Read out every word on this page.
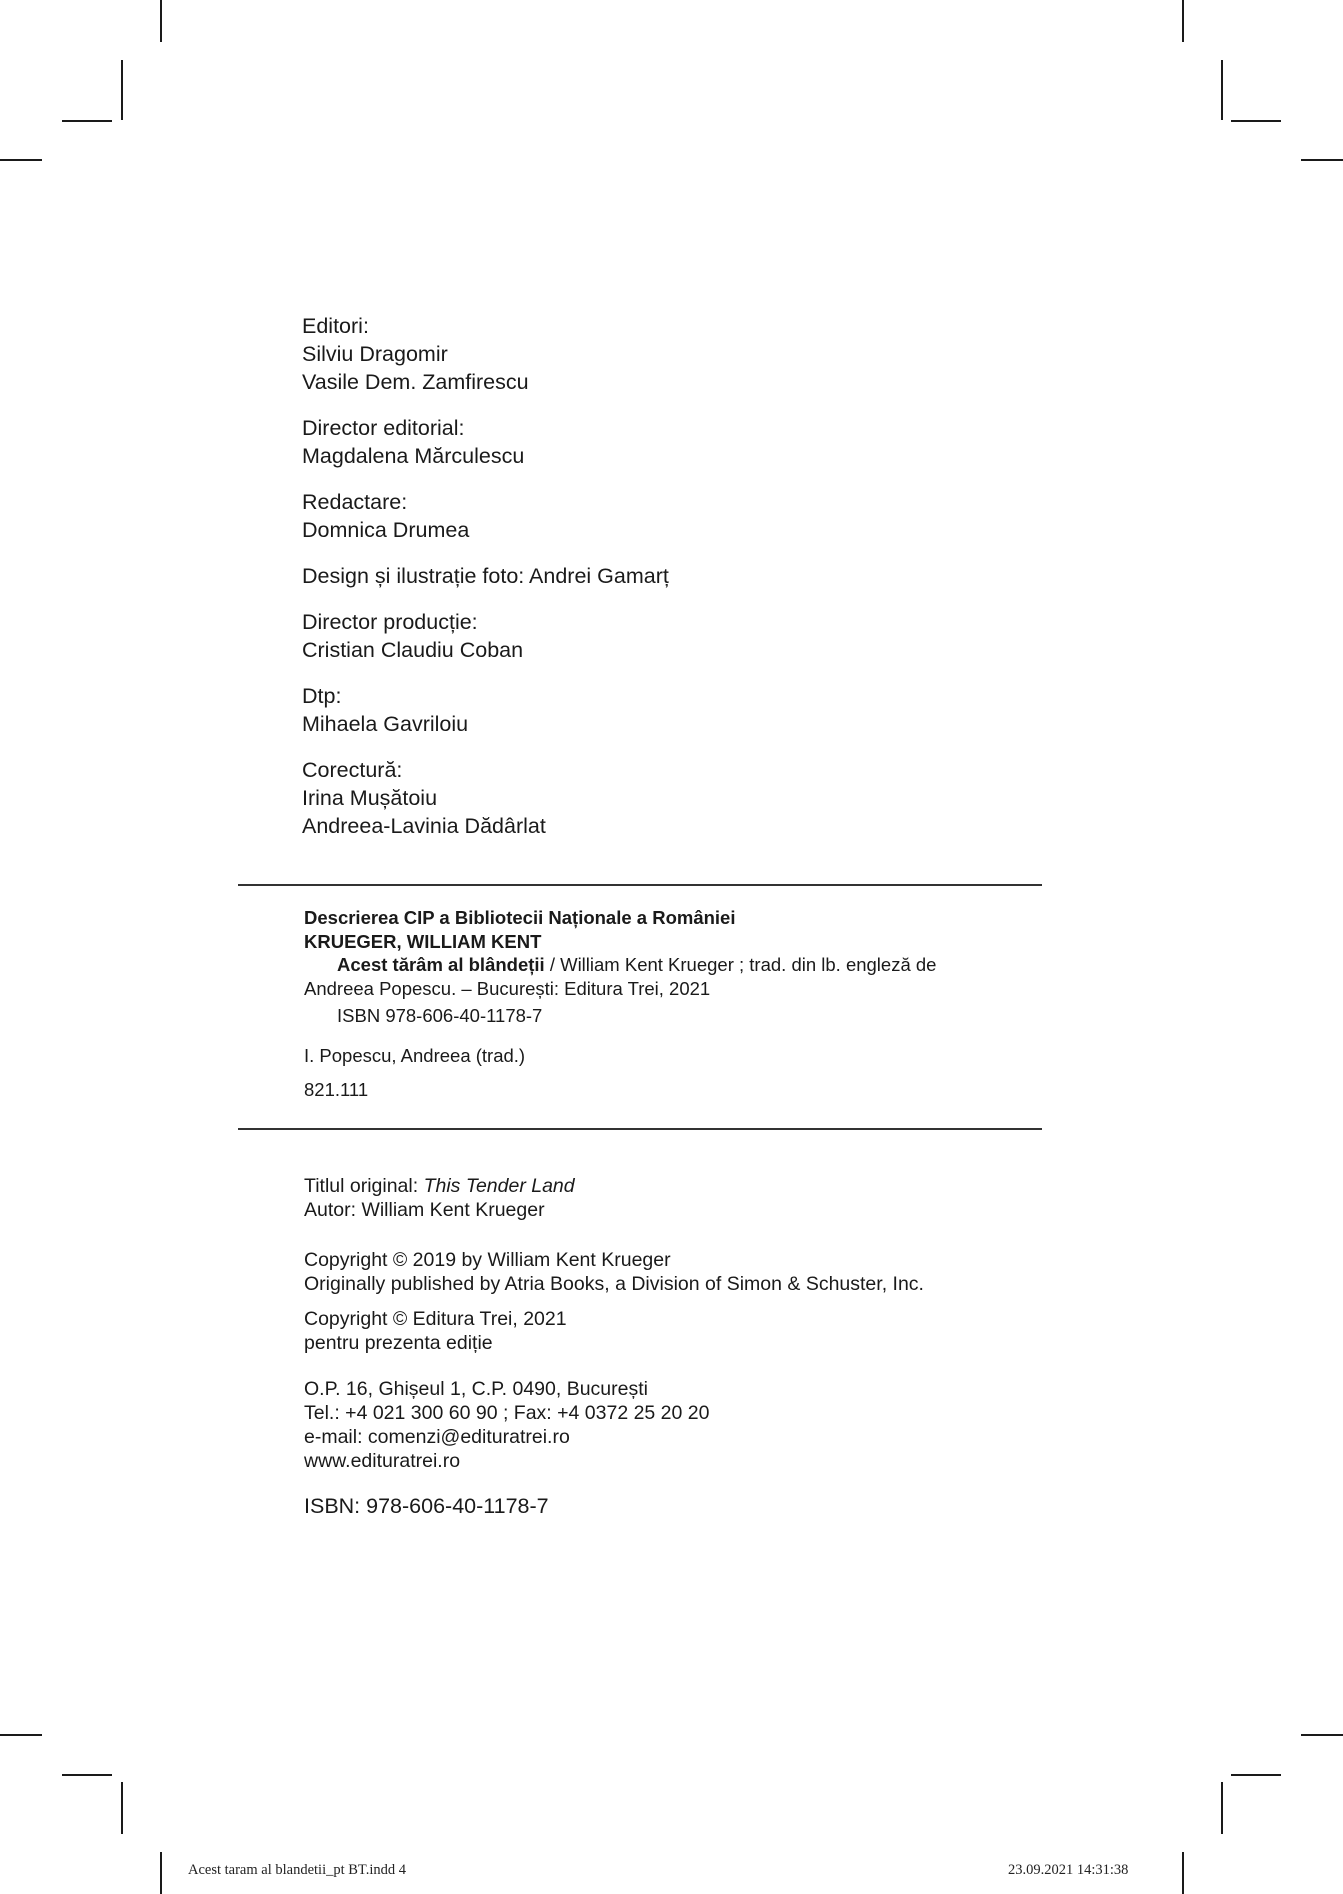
Editori:
Silviu Dragomir
Vasile Dem. Zamfirescu
Director editorial:
Magdalena Mărculescu
Redactare:
Domnica Drumea
Design și ilustrație foto: Andrei Gamarț
Director producție:
Cristian Claudiu Coban
Dtp:
Mihaela Gavriloiu
Corectură:
Irina Mușătoiu
Andreea-Lavinia Dădârlat
Descrierea CIP a Bibliotecii Naționale a României
KRUEGER, WILLIAM KENT
Acest tărâm al blândeții / William Kent Krueger ; trad. din lb. engleză de
Andreea Popescu. – București: Editura Trei, 2021
ISBN 978-606-40-1178-7
I. Popescu, Andreea (trad.)
821.111
Titlul original: This Tender Land
Autor: William Kent Krueger
Copyright © 2019 by William Kent Krueger
Originally published by Atria Books, a Division of Simon & Schuster, Inc.
Copyright © Editura Trei, 2021
pentru prezenta ediție
O.P. 16, Ghișeul 1, C.P. 0490, București
Tel.: +4 021 300 60 90 ; Fax: +4 0372 25 20 20
e-mail: comenzi@edituratrei.ro
www.edituratrei.ro
ISBN: 978-606-40-1178-7
Acest taram al blandetii_pt BT.indd 4	23.09.2021 14:31:38
